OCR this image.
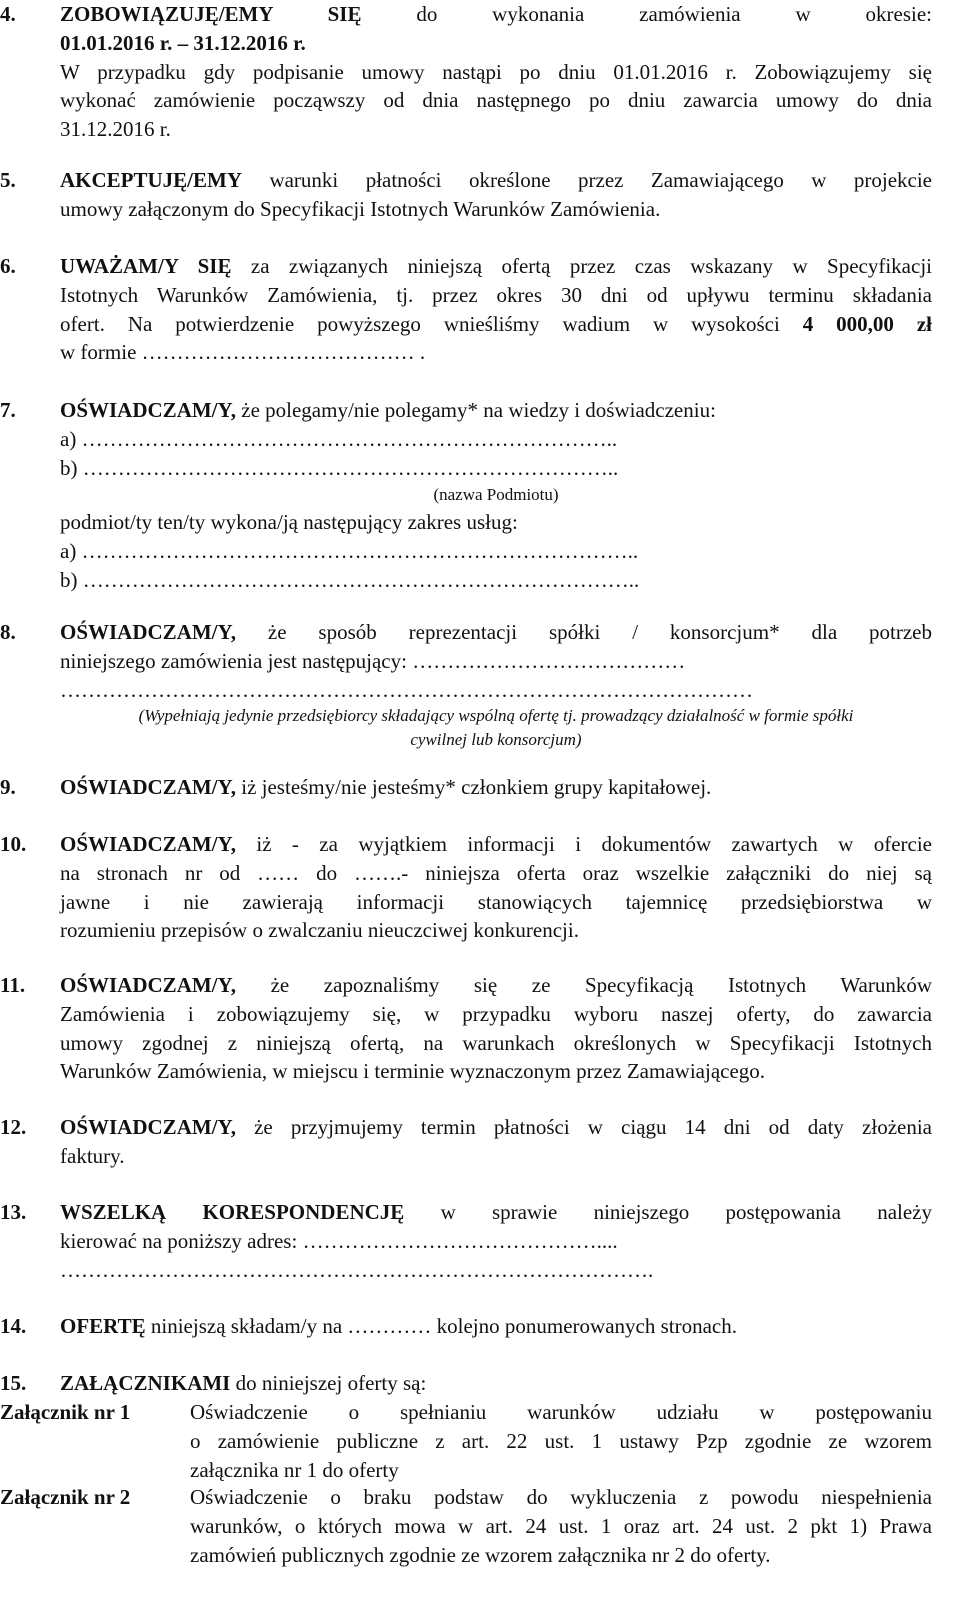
4. ZOBOWIĄZUJĘ/EMY SIĘ do wykonania zamówienia w okresie:
01.01.2016 r. – 31.12.2016 r.
W przypadku gdy podpisanie umowy nastąpi po dniu 01.01.2016 r. Zobowiązujemy się
wykonać zamówienie począwszy od dnia następnego po dniu zawarcia umowy do dnia
31.12.2016 r.
5. AKCEPTUJĘ/EMY warunki płatności określone przez Zamawiającego w projekcie
umowy załączonym do Specyfikacji Istotnych Warunków Zamówienia.
6. UWAŻAM/Y SIĘ za związanych niniejszą ofertą przez czas wskazany w Specyfikacji
Istotnych Warunków Zamówienia, tj. przez okres 30 dni od upływu terminu składania
ofert. Na potwierdzenie powyższego wnieśliśmy wadium w wysokości 4 000,00 zł
w formie ………………………………… .
7. OŚWIADCZAM/Y, że polegamy/nie polegamy* na wiedzy i doświadczeniu:
a) …………………………………………………………………..
b) …………………………………………………………………..
(nazwa Podmiotu)
podmiot/ty ten/ty wykona/ją następujący zakres usług:
a) ……………………………………………………………………..
b) ……………………………………………………………………..
8. OŚWIADCZAM/Y, że sposób reprezentacji spółki / konsorcjum* dla potrzeb
niniejszego zamówienia jest następujący: …………………………………
………………………………………………………………………………………
(Wypełniają jedynie przedsiębiorcy składający wspólną ofertę tj. prowadzący działalność w formie spółki
cywilnej lub konsorcjum)
9. OŚWIADCZAM/Y, iż jesteśmy/nie jesteśmy* członkiem grupy kapitałowej.
10. OŚWIADCZAM/Y, iż - za wyjątkiem informacji i dokumentów zawartych w ofercie
na stronach nr od …… do …….- niniejsza oferta oraz wszelkie załączniki do niej są
jawne i nie zawierają informacji stanowiących tajemnicę przedsiębiorstwa w
rozumieniu przepisów o zwalczaniu nieuczciwej konkurencji.
11. OŚWIADCZAM/Y, że zapoznaliśmy się ze Specyfikacją Istotnych Warunków
Zamówienia i zobowiązujemy się, w przypadku wyboru naszej oferty, do zawarcia
umowy zgodnej z niniejszą ofertą, na warunkach określonych w Specyfikacji Istotnych
Warunków Zamówienia, w miejscu i terminie wyznaczonym przez Zamawiającego.
12. OŚWIADCZAM/Y, że przyjmujemy termin płatności w ciągu 14 dni od daty złożenia
faktury.
13. WSZELKĄ KORESPONDENCJĘ w sprawie niniejszego postępowania należy
kierować na poniższy adres: ……………………………………....
………………………………………………………………………….
14. OFERTĘ niniejszą składam/y na ………… kolejno ponumerowanych stronach.
15. ZAŁĄCZNIKAMI do niniejszej oferty są:
Załącznik nr 1	Oświadczenie o spełnianiu warunków udziału w postępowaniu
o zamówienie publiczne z art. 22 ust. 1 ustawy Pzp zgodnie ze wzorem
załącznika nr 1 do oferty
Załącznik nr 2	Oświadczenie o braku podstaw do wykluczenia z powodu niespełnienia
warunków, o których mowa w art. 24 ust. 1 oraz art. 24 ust. 2 pkt 1) Prawa
zamówień publicznych zgodnie ze wzorem załącznika nr 2 do oferty.
